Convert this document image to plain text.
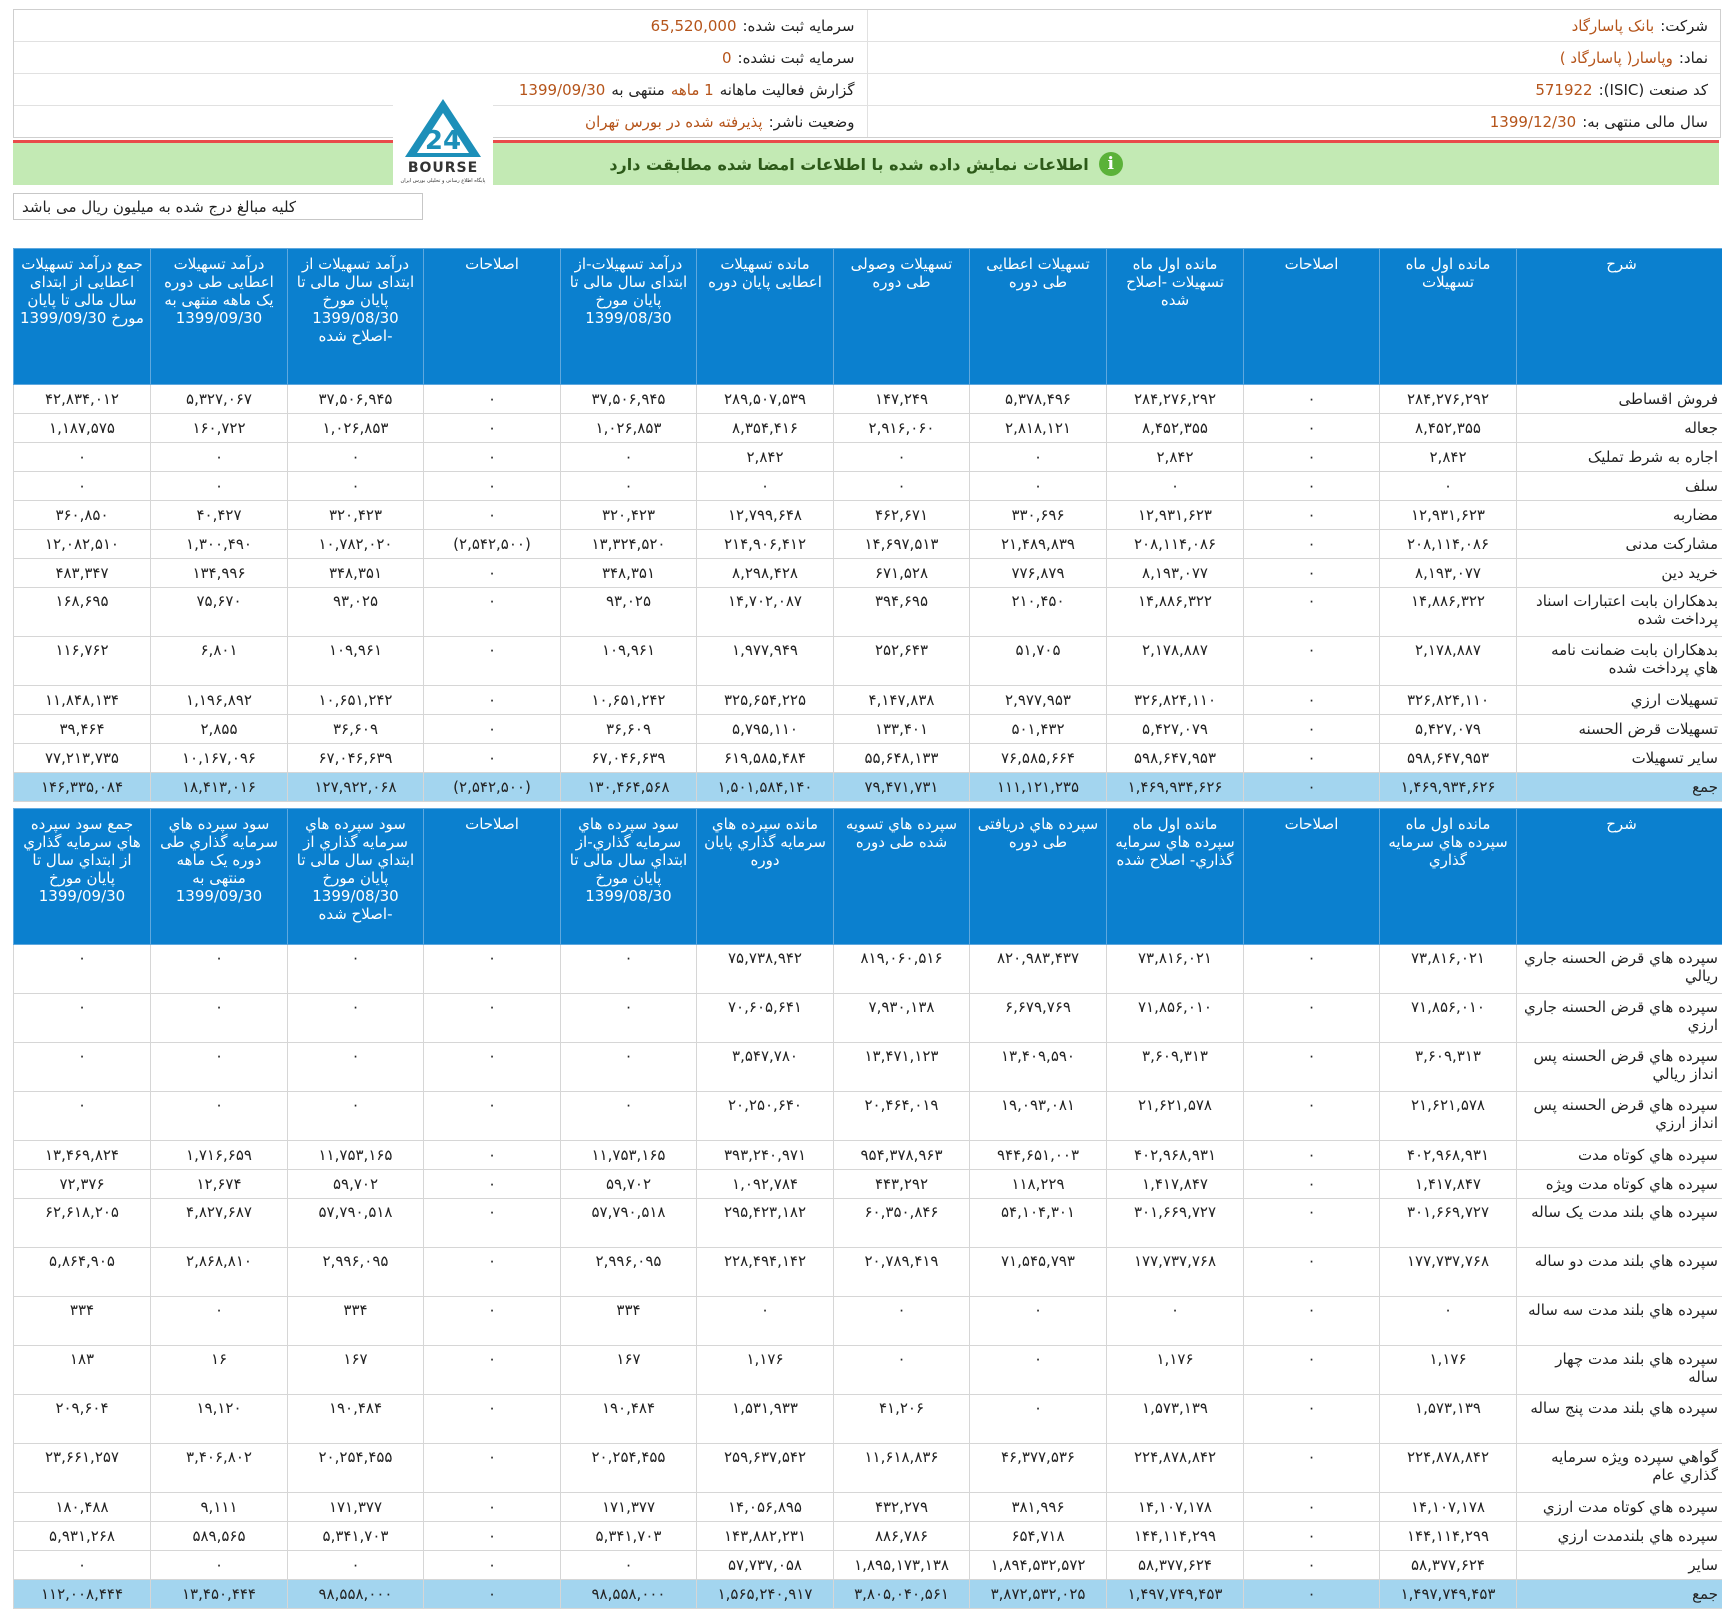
شرکت:
بانک پاسارگاد
سرمایه ثبت شده:
65,520,000
نماد:
وپاسار( پاسارگاد )
سرمایه ثبت نشده:
0
کد صنعت (ISIC):
571922
گزارش فعالیت ماهانه
1 ماهه
منتهی به
1399/09/30
سال مالی منتهی به:
1399/12/30
وضعیت ناشر:
پذیرفته شده در بورس تهران
i
اطلاعات نمایش داده شده با اطلاعات امضا شده مطابقت دارد
24
BOURSE
پایگاه اطلاع رسانی و تحلیلی بورس ایران
کلیه مبالغ درج شده به میلیون ریال می باشد
شرح	مانده اول ماه تسهیلات	اصلاحات	مانده اول ماه تسهیلات -اصلاح شده	تسهیلات اعطایی طی دوره	تسهیلات وصولی طی دوره	مانده تسهیلات اعطایی پایان دوره	درآمد تسهیلات-از ابتدای سال مالی تا پایان مورخ 1399/08/30	اصلاحات	درآمد تسهیلات از ابتدای سال مالی تا پایان مورخ 1399/08/30 -اصلاح شده	درآمد تسهیلات اعطایی طی دوره یک ماهه منتهی به 1399/09/30	جمع درآمد تسهیلات اعطایی از ابتدای سال مالی تا پایان مورخ 1399/09/30
فروش اقساطی	۲۸۴,۲۷۶,۲۹۲	۰	۲۸۴,۲۷۶,۲۹۲	۵,۳۷۸,۴۹۶	۱۴۷,۲۴۹	۲۸۹,۵۰۷,۵۳۹	۳۷,۵۰۶,۹۴۵	۰	۳۷,۵۰۶,۹۴۵	۵,۳۲۷,۰۶۷	۴۲,۸۳۴,۰۱۲
جعاله	۸,۴۵۲,۳۵۵	۰	۸,۴۵۲,۳۵۵	۲,۸۱۸,۱۲۱	۲,۹۱۶,۰۶۰	۸,۳۵۴,۴۱۶	۱,۰۲۶,۸۵۳	۰	۱,۰۲۶,۸۵۳	۱۶۰,۷۲۲	۱,۱۸۷,۵۷۵
اجاره به شرط تملیک	۲,۸۴۲	۰	۲,۸۴۲	۰	۰	۲,۸۴۲	۰	۰	۰	۰	۰
سلف	۰	۰	۰	۰	۰	۰	۰	۰	۰	۰	۰
مضاربه	۱۲,۹۳۱,۶۲۳	۰	۱۲,۹۳۱,۶۲۳	۳۳۰,۶۹۶	۴۶۲,۶۷۱	۱۲,۷۹۹,۶۴۸	۳۲۰,۴۲۳	۰	۳۲۰,۴۲۳	۴۰,۴۲۷	۳۶۰,۸۵۰
مشارکت مدنی	۲۰۸,۱۱۴,۰۸۶	۰	۲۰۸,۱۱۴,۰۸۶	۲۱,۴۸۹,۸۳۹	۱۴,۶۹۷,۵۱۳	۲۱۴,۹۰۶,۴۱۲	۱۳,۳۲۴,۵۲۰	(۲,۵۴۲,۵۰۰)	۱۰,۷۸۲,۰۲۰	۱,۳۰۰,۴۹۰	۱۲,۰۸۲,۵۱۰
خرید دین	۸,۱۹۳,۰۷۷	۰	۸,۱۹۳,۰۷۷	۷۷۶,۸۷۹	۶۷۱,۵۲۸	۸,۲۹۸,۴۲۸	۳۴۸,۳۵۱	۰	۳۴۸,۳۵۱	۱۳۴,۹۹۶	۴۸۳,۳۴۷
بدهکاران بابت اعتبارات اسناد پرداخت شده	۱۴,۸۸۶,۳۲۲	۰	۱۴,۸۸۶,۳۲۲	۲۱۰,۴۵۰	۳۹۴,۶۹۵	۱۴,۷۰۲,۰۸۷	۹۳,۰۲۵	۰	۹۳,۰۲۵	۷۵,۶۷۰	۱۶۸,۶۹۵
بدهکاران بابت ضمانت نامه هاي پرداخت شده	۲,۱۷۸,۸۸۷	۰	۲,۱۷۸,۸۸۷	۵۱,۷۰۵	۲۵۲,۶۴۳	۱,۹۷۷,۹۴۹	۱۰۹,۹۶۱	۰	۱۰۹,۹۶۱	۶,۸۰۱	۱۱۶,۷۶۲
تسهیلات ارزي	۳۲۶,۸۲۴,۱۱۰	۰	۳۲۶,۸۲۴,۱۱۰	۲,۹۷۷,۹۵۳	۴,۱۴۷,۸۳۸	۳۲۵,۶۵۴,۲۲۵	۱۰,۶۵۱,۲۴۲	۰	۱۰,۶۵۱,۲۴۲	۱,۱۹۶,۸۹۲	۱۱,۸۴۸,۱۳۴
تسهیلات قرض الحسنه	۵,۴۲۷,۰۷۹	۰	۵,۴۲۷,۰۷۹	۵۰۱,۴۳۲	۱۳۳,۴۰۱	۵,۷۹۵,۱۱۰	۳۶,۶۰۹	۰	۳۶,۶۰۹	۲,۸۵۵	۳۹,۴۶۴
سایر تسهیلات	۵۹۸,۶۴۷,۹۵۳	۰	۵۹۸,۶۴۷,۹۵۳	۷۶,۵۸۵,۶۶۴	۵۵,۶۴۸,۱۳۳	۶۱۹,۵۸۵,۴۸۴	۶۷,۰۴۶,۶۳۹	۰	۶۷,۰۴۶,۶۳۹	۱۰,۱۶۷,۰۹۶	۷۷,۲۱۳,۷۳۵
جمع	۱,۴۶۹,۹۳۴,۶۲۶	۰	۱,۴۶۹,۹۳۴,۶۲۶	۱۱۱,۱۲۱,۲۳۵	۷۹,۴۷۱,۷۳۱	۱,۵۰۱,۵۸۴,۱۴۰	۱۳۰,۴۶۴,۵۶۸	(۲,۵۴۲,۵۰۰)	۱۲۷,۹۲۲,۰۶۸	۱۸,۴۱۳,۰۱۶	۱۴۶,۳۳۵,۰۸۴
شرح	مانده اول ماه سپرده هاي سرمایه گذاري	اصلاحات	مانده اول ماه سپرده هاي سرمایه گذاري- اصلاح شده	سپرده هاي دریافتی طی دوره	سپرده هاي تسویه شده طی دوره	مانده سپرده هاي سرمایه گذاري پایان دوره	سود سپرده هاي سرمایه گذاري-از ابتداي سال مالی تا پایان مورخ 1399/08/30	اصلاحات	سود سپرده هاي سرمایه گذاري از ابتداي سال مالی تا پایان مورخ 1399/08/30 -اصلاح شده	سود سپرده هاي سرمایه گذاري طی دوره یک ماهه منتهی به 1399/09/30	جمع سود سپرده هاي سرمایه گذاري از ابتداي سال تا پایان مورخ 1399/09/30
سپرده هاي قرض الحسنه جاري ريالي	۷۳,۸۱۶,۰۲۱	۰	۷۳,۸۱۶,۰۲۱	۸۲۰,۹۸۳,۴۳۷	۸۱۹,۰۶۰,۵۱۶	۷۵,۷۳۸,۹۴۲	۰	۰	۰	۰	۰
سپرده هاي قرض الحسنه جاري ارزي	۷۱,۸۵۶,۰۱۰	۰	۷۱,۸۵۶,۰۱۰	۶,۶۷۹,۷۶۹	۷,۹۳۰,۱۳۸	۷۰,۶۰۵,۶۴۱	۰	۰	۰	۰	۰
سپرده هاي قرض الحسنه پس انداز ريالي	۳,۶۰۹,۳۱۳	۰	۳,۶۰۹,۳۱۳	۱۳,۴۰۹,۵۹۰	۱۳,۴۷۱,۱۲۳	۳,۵۴۷,۷۸۰	۰	۰	۰	۰	۰
سپرده هاي قرض الحسنه پس انداز ارزي	۲۱,۶۲۱,۵۷۸	۰	۲۱,۶۲۱,۵۷۸	۱۹,۰۹۳,۰۸۱	۲۰,۴۶۴,۰۱۹	۲۰,۲۵۰,۶۴۰	۰	۰	۰	۰	۰
سپرده هاي کوتاه مدت	۴۰۲,۹۶۸,۹۳۱	۰	۴۰۲,۹۶۸,۹۳۱	۹۴۴,۶۵۱,۰۰۳	۹۵۴,۳۷۸,۹۶۳	۳۹۳,۲۴۰,۹۷۱	۱۱,۷۵۳,۱۶۵	۰	۱۱,۷۵۳,۱۶۵	۱,۷۱۶,۶۵۹	۱۳,۴۶۹,۸۲۴
سپرده هاي کوتاه مدت ويژه	۱,۴۱۷,۸۴۷	۰	۱,۴۱۷,۸۴۷	۱۱۸,۲۲۹	۴۴۳,۲۹۲	۱,۰۹۲,۷۸۴	۵۹,۷۰۲	۰	۵۹,۷۰۲	۱۲,۶۷۴	۷۲,۳۷۶
سپرده هاي بلند مدت يک ساله	۳۰۱,۶۶۹,۷۲۷	۰	۳۰۱,۶۶۹,۷۲۷	۵۴,۱۰۴,۳۰۱	۶۰,۳۵۰,۸۴۶	۲۹۵,۴۲۳,۱۸۲	۵۷,۷۹۰,۵۱۸	۰	۵۷,۷۹۰,۵۱۸	۴,۸۲۷,۶۸۷	۶۲,۶۱۸,۲۰۵
سپرده هاي بلند مدت دو ساله	۱۷۷,۷۳۷,۷۶۸	۰	۱۷۷,۷۳۷,۷۶۸	۷۱,۵۴۵,۷۹۳	۲۰,۷۸۹,۴۱۹	۲۲۸,۴۹۴,۱۴۲	۲,۹۹۶,۰۹۵	۰	۲,۹۹۶,۰۹۵	۲,۸۶۸,۸۱۰	۵,۸۶۴,۹۰۵
سپرده هاي بلند مدت سه ساله	۰	۰	۰	۰	۰	۰	۳۳۴	۰	۳۳۴	۰	۳۳۴
سپرده هاي بلند مدت چهار ساله	۱,۱۷۶	۰	۱,۱۷۶	۰	۰	۱,۱۷۶	۱۶۷	۰	۱۶۷	۱۶	۱۸۳
سپرده هاي بلند مدت پنج ساله	۱,۵۷۳,۱۳۹	۰	۱,۵۷۳,۱۳۹	۰	۴۱,۲۰۶	۱,۵۳۱,۹۳۳	۱۹۰,۴۸۴	۰	۱۹۰,۴۸۴	۱۹,۱۲۰	۲۰۹,۶۰۴
گواهي سپرده ويژه سرمايه گذاري عام	۲۲۴,۸۷۸,۸۴۲	۰	۲۲۴,۸۷۸,۸۴۲	۴۶,۳۷۷,۵۳۶	۱۱,۶۱۸,۸۳۶	۲۵۹,۶۳۷,۵۴۲	۲۰,۲۵۴,۴۵۵	۰	۲۰,۲۵۴,۴۵۵	۳,۴۰۶,۸۰۲	۲۳,۶۶۱,۲۵۷
سپرده هاي کوتاه مدت ارزي	۱۴,۱۰۷,۱۷۸	۰	۱۴,۱۰۷,۱۷۸	۳۸۱,۹۹۶	۴۳۲,۲۷۹	۱۴,۰۵۶,۸۹۵	۱۷۱,۳۷۷	۰	۱۷۱,۳۷۷	۹,۱۱۱	۱۸۰,۴۸۸
سپرده هاي بلندمدت ارزي	۱۴۴,۱۱۴,۲۹۹	۰	۱۴۴,۱۱۴,۲۹۹	۶۵۴,۷۱۸	۸۸۶,۷۸۶	۱۴۳,۸۸۲,۲۳۱	۵,۳۴۱,۷۰۳	۰	۵,۳۴۱,۷۰۳	۵۸۹,۵۶۵	۵,۹۳۱,۲۶۸
ساير	۵۸,۳۷۷,۶۲۴	۰	۵۸,۳۷۷,۶۲۴	۱,۸۹۴,۵۳۲,۵۷۲	۱,۸۹۵,۱۷۳,۱۳۸	۵۷,۷۳۷,۰۵۸	۰	۰	۰	۰	۰
جمع	۱,۴۹۷,۷۴۹,۴۵۳	۰	۱,۴۹۷,۷۴۹,۴۵۳	۳,۸۷۲,۵۳۲,۰۲۵	۳,۸۰۵,۰۴۰,۵۶۱	۱,۵۶۵,۲۴۰,۹۱۷	۹۸,۵۵۸,۰۰۰	۰	۹۸,۵۵۸,۰۰۰	۱۳,۴۵۰,۴۴۴	۱۱۲,۰۰۸,۴۴۴
